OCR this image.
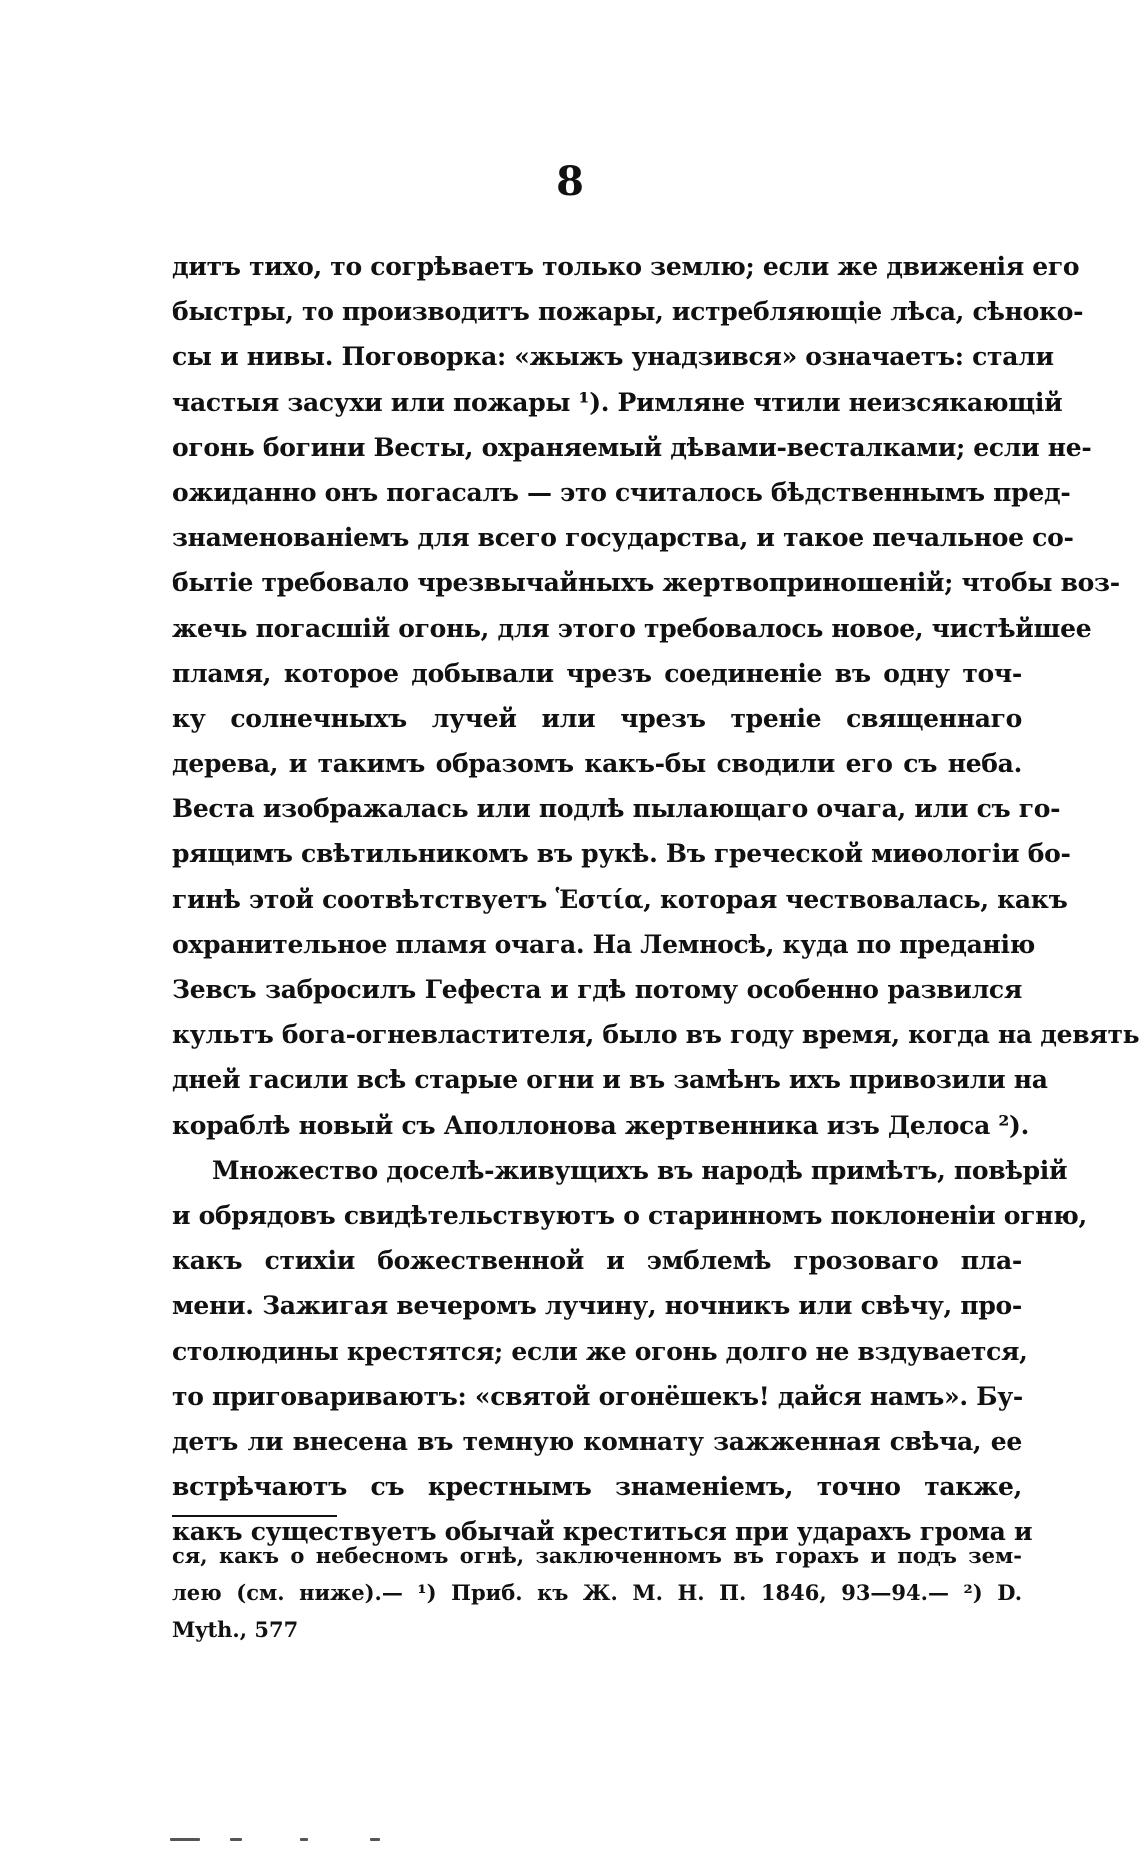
8
дитъ тихо, то согрѣваетъ только землю; если же движенія его
быстры, то производитъ пожары, истребляющіе лѣса, сѣноко-
сы и нивы. Поговорка: «жыжъ унадзився» означаетъ: стали
частыя засухи или пожары ¹). Римляне чтили неизсякающій
огонь богини Весты, охраняемый дѣвами-весталками; если не-
ожиданно онъ погасалъ — это считалось бѣдственнымъ пред-
знаменованіемъ для всего государства, и такое печальное со-
бытіе требовало чрезвычайныхъ жертвоприношеній; чтобы воз-
жечь погасшій огонь, для этого требовалось новое, чистѣйшее
пламя, которое добывали чрезъ соединеніе въ одну точ-
ку солнечныхъ лучей или чрезъ треніе священнаго
дерева, и такимъ образомъ какъ-бы сводили его съ неба.
Веста изображалась или подлѣ пылающаго очага, или съ го-
рящимъ свѣтильникомъ въ рукѣ. Въ греческой миѳологіи бо-
гинѣ этой соотвѣтствуетъ Ἑστία, которая чествовалась, какъ
охранительное пламя очага. На Лемносѣ, куда по преданію
Зевсъ забросилъ Гефеста и гдѣ потому особенно развился
культъ бога-огневластителя, было въ году время, когда на девять
дней гасили всѣ старые огни и въ замѣнъ ихъ привозили на
кораблѣ новый съ Аполлонова жертвенника изъ Делоса ²).
Множество доселѣ-живущихъ въ народѣ примѣтъ, повѣрій
и обрядовъ свидѣтельствуютъ о старинномъ поклоненіи огню,
какъ стихіи божественной и эмблемѣ грозоваго пла-
мени. Зажигая вечеромъ лучину, ночникъ или свѣчу, про-
столюдины крестятся; если же огонь долго не вздувается,
то приговариваютъ: «святой огонёшекъ! дайся намъ». Бу-
детъ ли внесена въ темную комнату зажженная свѣча, ее
встрѣчаютъ съ крестнымъ знаменіемъ, точно также,
какъ существуетъ обычай креститься при ударахъ грома и
ся, какъ о небесномъ огнѣ, заключенномъ въ горахъ и подъ зем-
лею (см. ниже).— ¹) Приб. къ Ж. М. Н. П. 1846, 93—94.— ²) D.
Myth., 577
